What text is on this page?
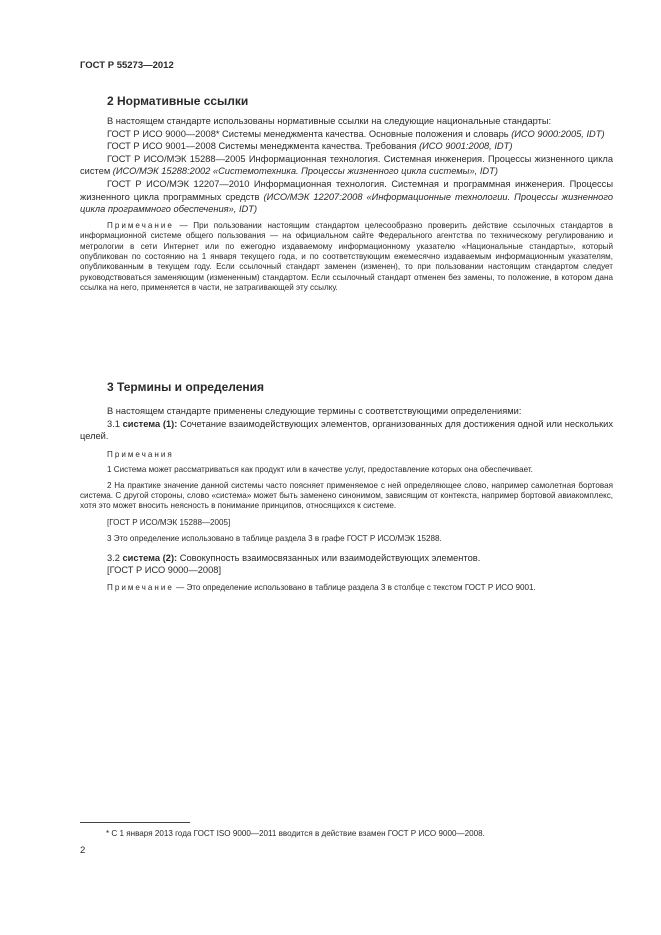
ГОСТ Р 55273—2012
2 Нормативные ссылки

В настоящем стандарте использованы нормативные ссылки на следующие национальные стандарты:

ГОСТ Р ИСО 9000—2008* Системы менеджмента качества. Основные положения и словарь (ИСО 9000:2005, IDT)

ГОСТ Р ИСО 9001—2008 Системы менеджмента качества. Требования (ИСО 9001:2008, IDT)

ГОСТ Р ИСО/МЭК 15288—2005 Информационная технология. Системная инженерия. Процессы жизненного цикла систем (ИСО/МЭК 15288:2002 «Системотехника. Процессы жизненного цикла системы», IDT)

ГОСТ Р ИСО/МЭК 12207—2010 Информационная технология. Системная и программная инженерия. Процессы жизненного цикла программных средств (ИСО/МЭК 12207:2008 «Информационные технологии. Процессы жизненного цикла программного обеспечения», IDT)

Примечание — При пользовании настоящим стандартом целесообразно проверить действие ссылочных стандартов в информационной системе общего пользования — на официальном сайте Федерального агентства по техническому регулированию и метрологии в сети Интернет или по ежегодно издаваемому информационному указателю «Национальные стандарты», который опубликован по состоянию на 1 января текущего года, и по соответствующим ежемесячно издаваемым информационным указателям, опубликованным в текущем году. Если ссылочный стандарт заменен (изменен), то при пользовании настоящим стандартом следует руководствоваться заменяющим (измененным) стандартом. Если ссылочный стандарт отменен без замены, то положение, в котором дана ссылка на него, применяется в части, не затрагивающей эту ссылку.

3 Термины и определения

В настоящем стандарте применены следующие термины с соответствующими определениями:

3.1 система (1): Сочетание взаимодействующих элементов, организованных для достижения одной или нескольких целей.

Примечания

1 Система может рассматриваться как продукт или в качестве услуг, предоставление которых она обеспечивает.

2 На практике значение данной системы часто поясняет применяемое с ней определяющее слово, например самолетная бортовая система. С другой стороны, слово «система» может быть заменено синонимом, зависящим от контекста, например бортовой авиакомплекс, хотя это может вносить неясность в понимание принципов, относящихся к системе.

[ГОСТ Р ИСО/МЭК 15288—2005]

3 Это определение использовано в таблице раздела 3 в графе ГОСТ Р ИСО/МЭК 15288.

3.2 система (2): Совокупность взаимосвязанных или взаимодействующих элементов.

[ГОСТ Р ИСО 9000—2008]

Примечание — Это определение использовано в таблице раздела 3 в столбце с текстом ГОСТ Р ИСО 9001.

* С 1 января 2013 года ГОСТ ISO 9000—2011 вводится в действие взамен ГОСТ Р ИСО 9000—2008.
2
